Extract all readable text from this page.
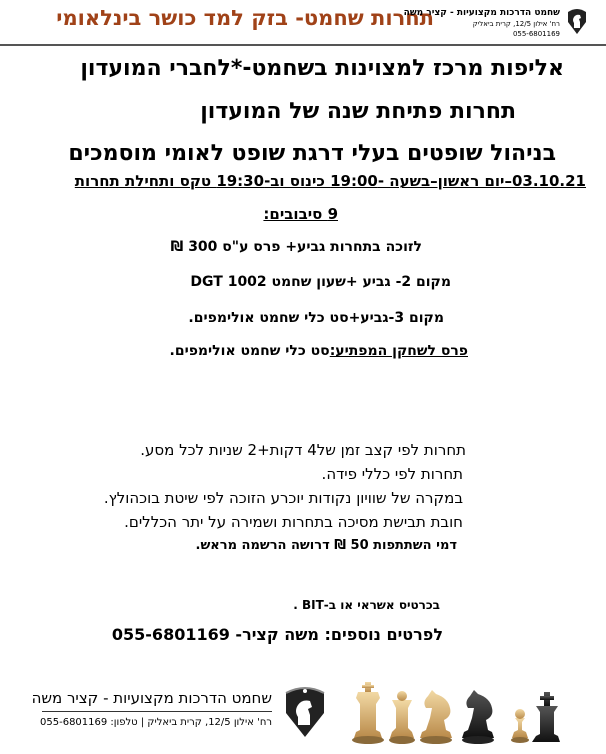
תחרות שחמט- בזק למד כושר בינלאומי
שחמט הדרכות מקצועיות - קציר משה
רח' אילון 12/5, קרית ביאליק
055-6801169
אליפות מרכז למצוינות בשחמט-*לחברי המועדון
תחרות פתיחת שנה של המועדון
בניהול שופטים בעלי דרגת שופט לאומי מוסמכים
03.10.21–יום ראשון–בשעה -19:00 כינוס וב-19:30 טקס ותחילת תחרות
9 סיבובים:
לזוכה בתחרות גביע+ פרס ע"ס 300 ₪
מקום 2- גביע +שעון שחמט DGT 1002
מקום 3-גביע+סט כלי שחמט אולימפים.
פרס לשחקן המפתיע:סט כלי שחמט אולימפים.
תחרות לפי קצב זמן של4 דקות+2 שניות לכל מסע.
תחרות לפי כללי פידה.
במקרה של שוויון נקודות יוכרע הזוכה לפי שיטת בוכהולץ.
חובת תבישת מסיכה בתחרות ושמירה על יתר הכללים.
דמי השתתפות 50 ₪ דרושה הרשמה מראש.
בכרטיס אשראי או ב-BIT .
לפרטים נוספים: משה קציר- 055-6801169
שחמט הדרכות מקצועיות - קציר משה
רח' אילון 12/5, קרית ביאליק | טלפון: 055-6801169
